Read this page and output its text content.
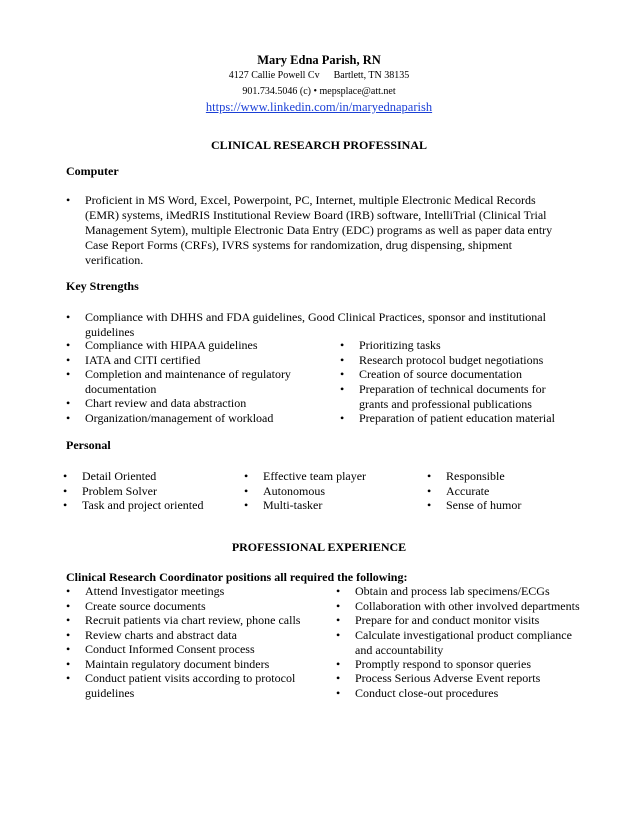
Mary Edna Parish, RN
4127 Callie Powell Cv Bartlett, TN 38135
901.734.5046 (c) • mepsplace@att.net
https://www.linkedin.com/in/maryednaparish
CLINICAL RESEARCH PROFESSINAL
Computer
• Proficient in MS Word, Excel, Powerpoint, PC, Internet, multiple Electronic Medical Records
(EMR) systems, iMedRIS Institutional Review Board (IRB) software, IntelliTrial (Clinical Trial
Management Sytem), multiple Electronic Data Entry (EDC) programs as well as paper data entry
Case Report Forms (CRFs), IVRS systems for randomization, drug dispensing, shipment
verification.
Key Strengths
• Compliance with DHHS and FDA guidelines, Good Clinical Practices, sponsor and institutional
guidelines
• Compliance with HIPAA guidelines
• IATA and CITI certified
• Completion and maintenance of regulatory
documentation
• Chart review and data abstraction
• Organization/management of workload
• Prioritizing tasks
• Research protocol budget negotiations
• Creation of source documentation
• Preparation of technical documents for
grants and professional publications
• Preparation of patient education material
Personal
• Detail Oriented
• Problem Solver
• Task and project oriented
• Effective team player
• Autonomous
• Multi-tasker
• Responsible
• Accurate
• Sense of humor
PROFESSIONAL EXPERIENCE
Clinical Research Coordinator positions all required the following:
• Attend Investigator meetings
• Create source documents
• Recruit patients via chart review, phone calls
• Review charts and abstract data
• Conduct Informed Consent process
• Maintain regulatory document binders
• Conduct patient visits according to protocol
guidelines
• Obtain and process lab specimens/ECGs
• Collaboration with other involved departments
• Prepare for and conduct monitor visits
• Calculate investigational product compliance
and accountability
• Promptly respond to sponsor queries
• Process Serious Adverse Event reports
• Conduct close-out procedures
